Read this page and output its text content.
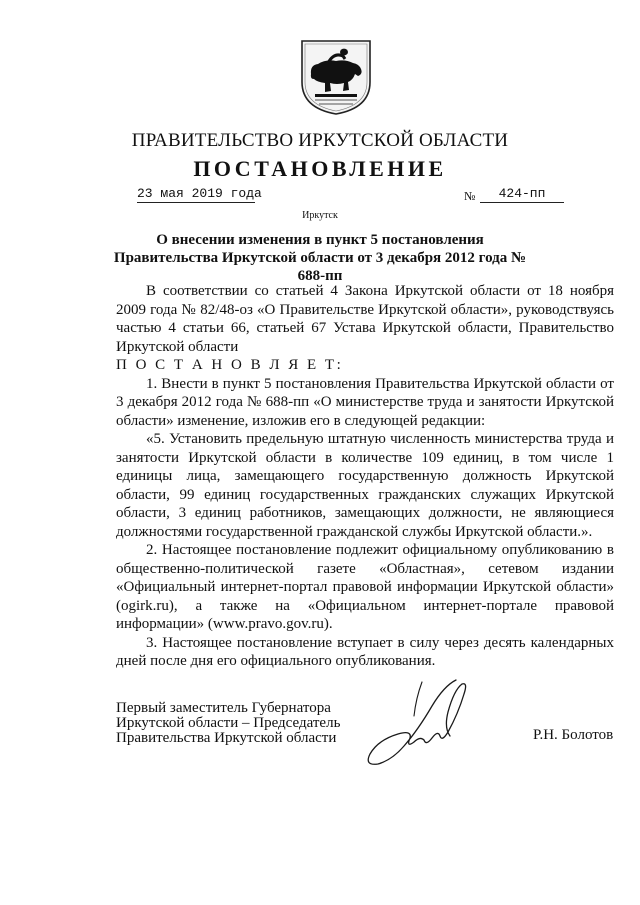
ПРАВИТЕЛЬСТВО ИРКУТСКОЙ ОБЛАСТИ
ПОСТАНОВЛЕНИЕ
23 мая 2019 года	№	424-пп
Иркутск
О внесении изменения в пункт 5 постановления Правительства Иркутской области от 3 декабря 2012 года № 688-пп

В соответствии со статьей 4 Закона Иркутской области от 18 ноября 2009 года № 82/48-оз «О Правительстве Иркутской области», руководствуясь частью 4 статьи 66, статьей 67 Устава Иркутской области, Правительство Иркутской области

П О С Т А Н О В Л Я Е Т:

1. Внести в пункт 5 постановления Правительства Иркутской области от 3 декабря 2012 года № 688-пп «О министерстве труда и занятости Иркутской области» изменение, изложив его в следующей редакции:

«5. Установить предельную штатную численность министерства труда и занятости Иркутской области в количестве 109 единиц, в том числе 1 единицы лица, замещающего государственную должность Иркутской области, 99 единиц государственных гражданских служащих Иркутской области, 3 единиц работников, замещающих должности, не являющиеся должностями государственной гражданской службы Иркутской области.».

2. Настоящее постановление подлежит официальному опубликованию в общественно-политической газете «Областная», сетевом издании «Официальный интернет-портал правовой информации Иркутской области» (ogirk.ru), а также на «Официальном интернет-портале правовой информации» (www.pravo.gov.ru).

3. Настоящее постановление вступает в силу через десять календарных дней после дня его официального опубликования.

Первый заместитель Губернатора
Иркутской области – Председатель
Правительства Иркутской области	Р.Н. Болотов
